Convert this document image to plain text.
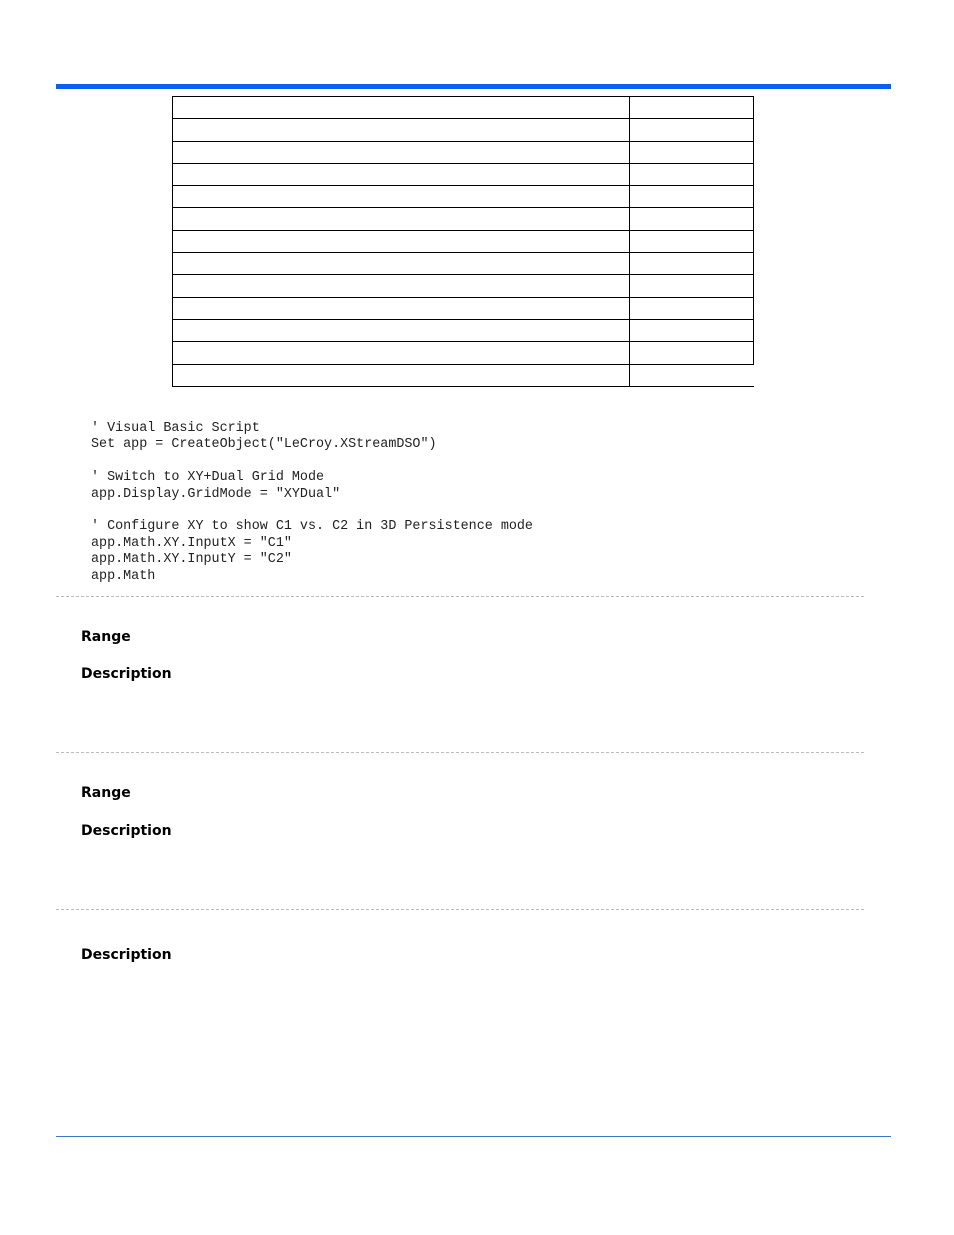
' Visual Basic Script
Set app = CreateObject("LeCroy.XStreamDSO")

' Switch to XY+Dual Grid Mode
app.Display.GridMode = "XYDual"

' Configure XY to show C1 vs. C2 in 3D Persistence mode
app.Math.XY.InputX = "C1"
app.Math.XY.InputY = "C2"
app.Math
Range
Description
Range
Description
Description
